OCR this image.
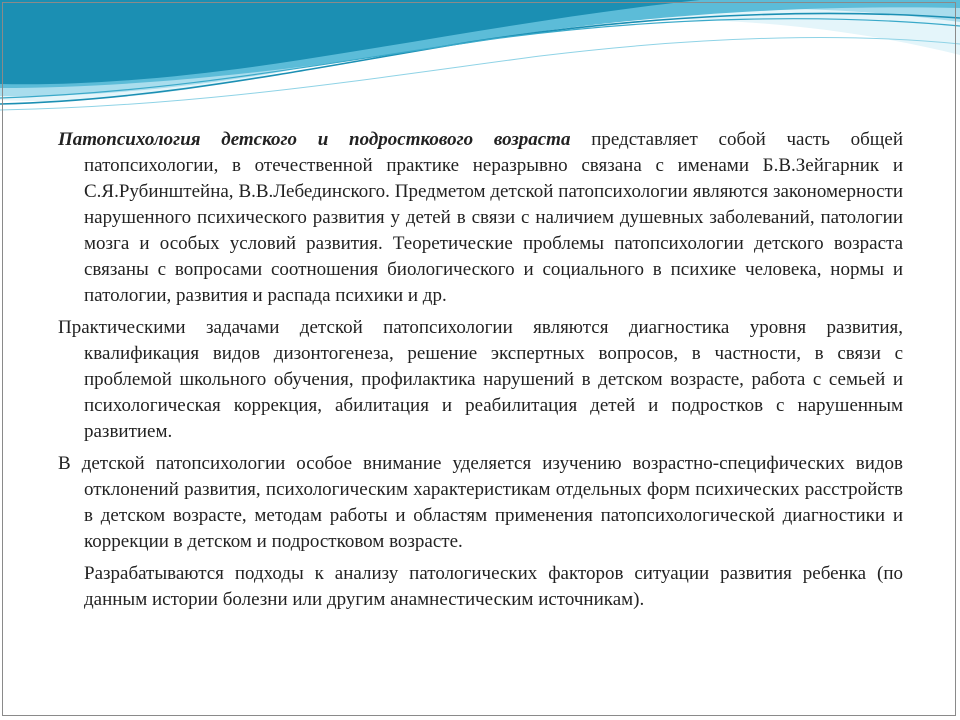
Патопсихология детского и подросткового возраста представляет собой часть общей патопсихологии, в отечественной практике неразрывно связана с именами Б.В.Зейгарник и С.Я.Рубинштейна, В.В.Лебединского. Предметом детской патопсихологии являются закономерности нарушенного психического развития у детей в связи с наличием душевных заболеваний, патологии мозга и особых условий развития. Теоретические проблемы патопсихологии детского возраста связаны с вопросами соотношения биологического и социального в психике человека, нормы и патологии, развития и распада психики и др.

Практическими задачами детской патопсихологии являются диагностика уровня развития, квалификация видов дизонтогенеза, решение экспертных вопросов, в частности, в связи с проблемой школьного обучения, профилактика нарушений в детском возрасте, работа с семьей и психологическая коррекция, абилитация и реабилитация детей и подростков с нарушенным развитием.

В детской патопсихологии особое внимание уделяется изучению возрастно-специфических видов отклонений развития, психологическим характеристикам отдельных форм психических расстройств в детском возрасте, методам работы и областям применения патопсихологической диагностики и коррекции в детском и подростковом возрасте.

Разрабатываются подходы к анализу патологических факторов ситуации развития ребенка (по данным истории болезни или другим анамнестическим источникам).
